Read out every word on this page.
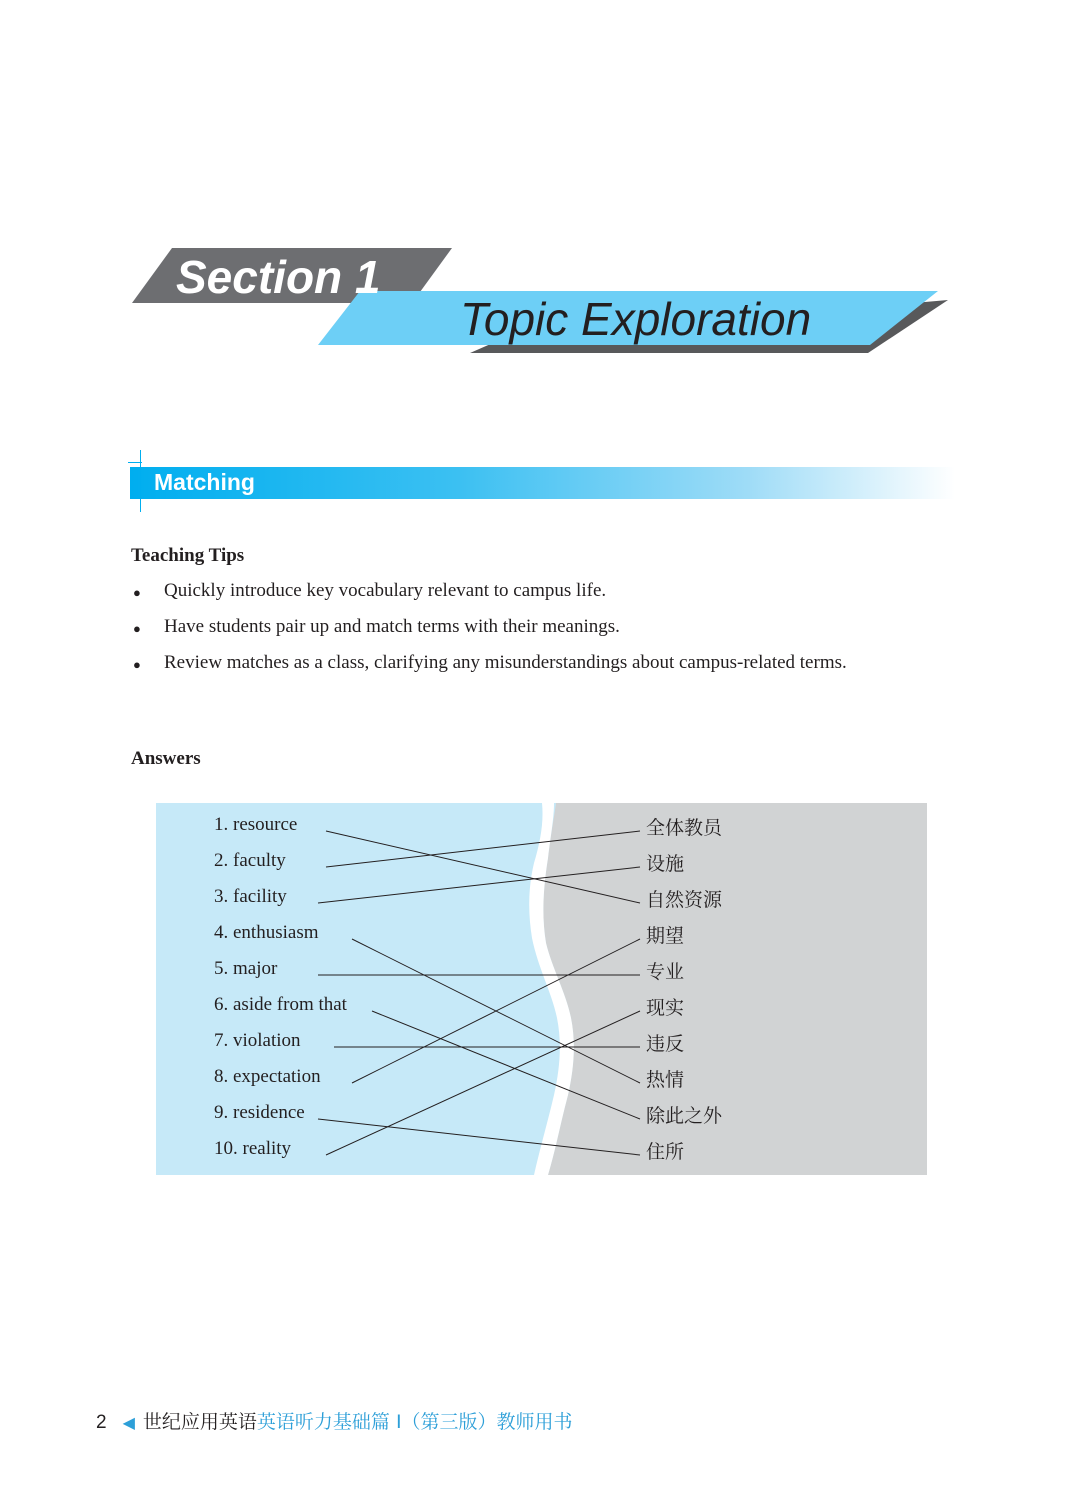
Section 1
Topic Exploration
Matching
Teaching Tips
● Quickly introduce key vocabulary relevant to campus life.
● Have students pair up and match terms with their meanings.
● Review matches as a class, clarifying any misunderstandings about campus-related terms.
Answers
1. resource
2. faculty
3. facility
4. enthusiasm
5. major
6. aside from that
7. violation
8. expectation
9. residence
10. reality
全体教员
设施
自然资源
期望
专业
现实
违反
热情
除此之外
住所
2 ◀ 世纪应用英语英语听力基础篇 I（第三版）教师用书
